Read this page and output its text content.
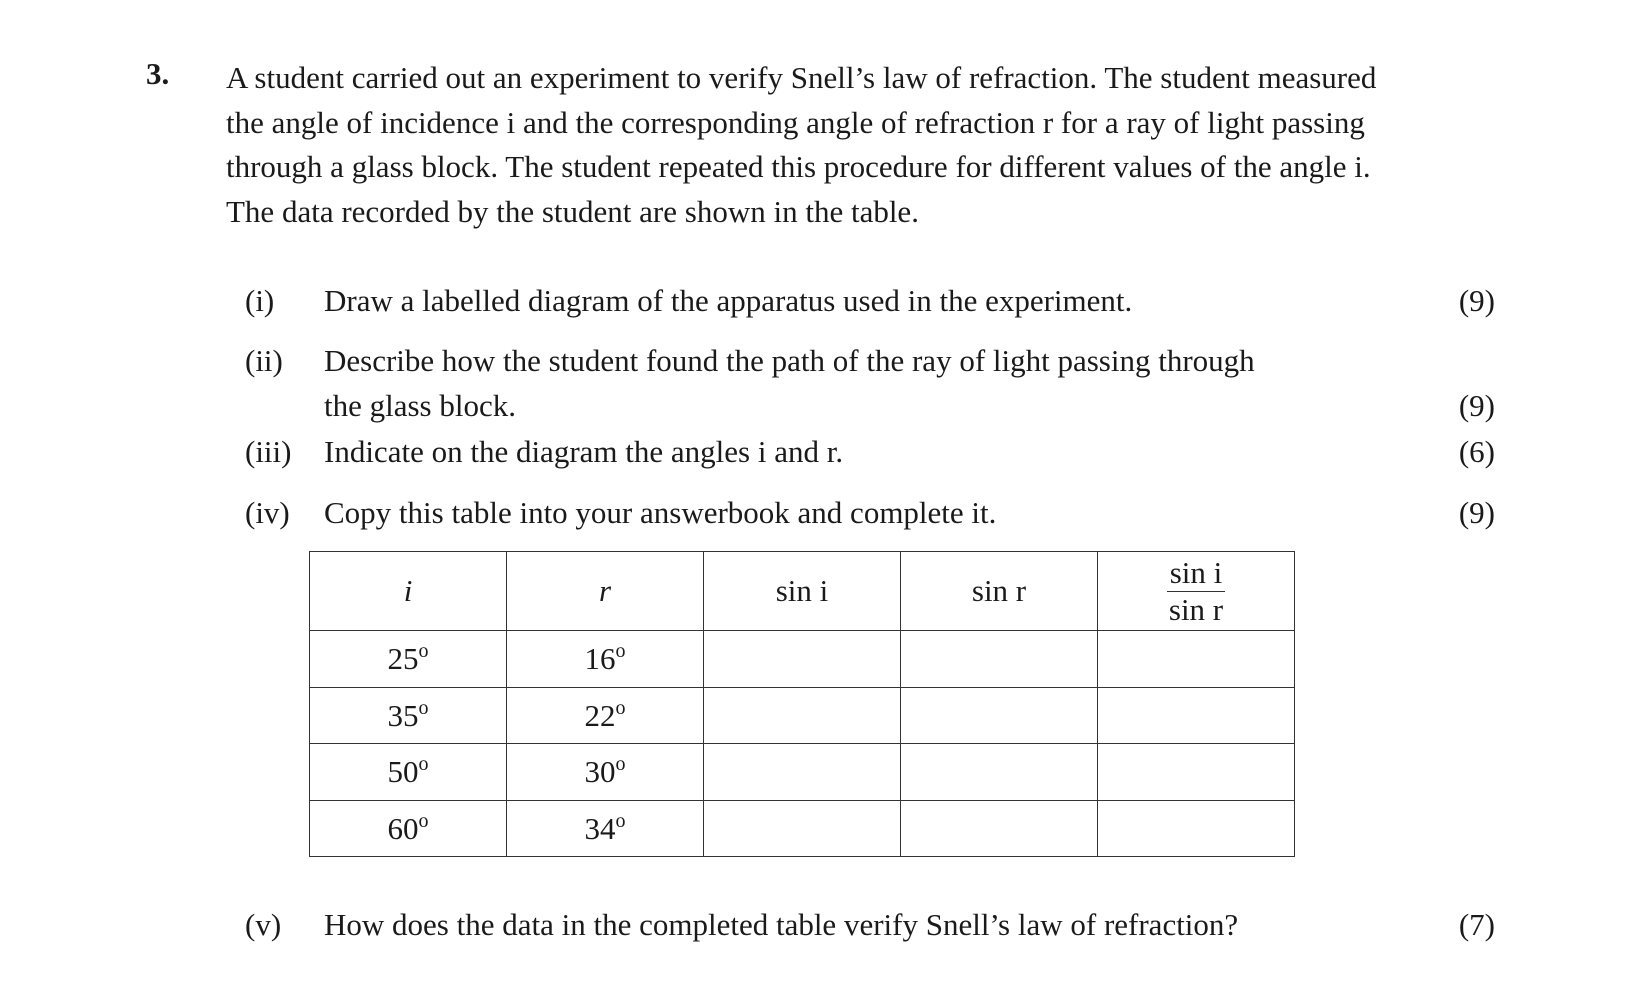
3. A student carried out an experiment to verify Snell’s law of refraction. The student measured
the angle of incidence i and the corresponding angle of refraction r for a ray of light passing
through a glass block. The student repeated this procedure for different values of the angle i.
The data recorded by the student are shown in the table.
(i) Draw a labelled diagram of the apparatus used in the experiment.	(9)
(ii) Describe how the student found the path of the ray of light passing through
the glass block.	(9)
(iii) Indicate on the diagram the angles i and r.	(6)
(iv) Copy this table into your answerbook and complete it.	(9)
i	r	sin i	sin r	$\frac{\text{sin i}}{\text{sin r}}$

25$^o$	16$^o$			
35$^o$	22$^o$			
50$^o$	30$^o$			
60$^o$	34$^o$			
(v) How does the data in the completed table verify Snell’s law of refraction?	(7)
